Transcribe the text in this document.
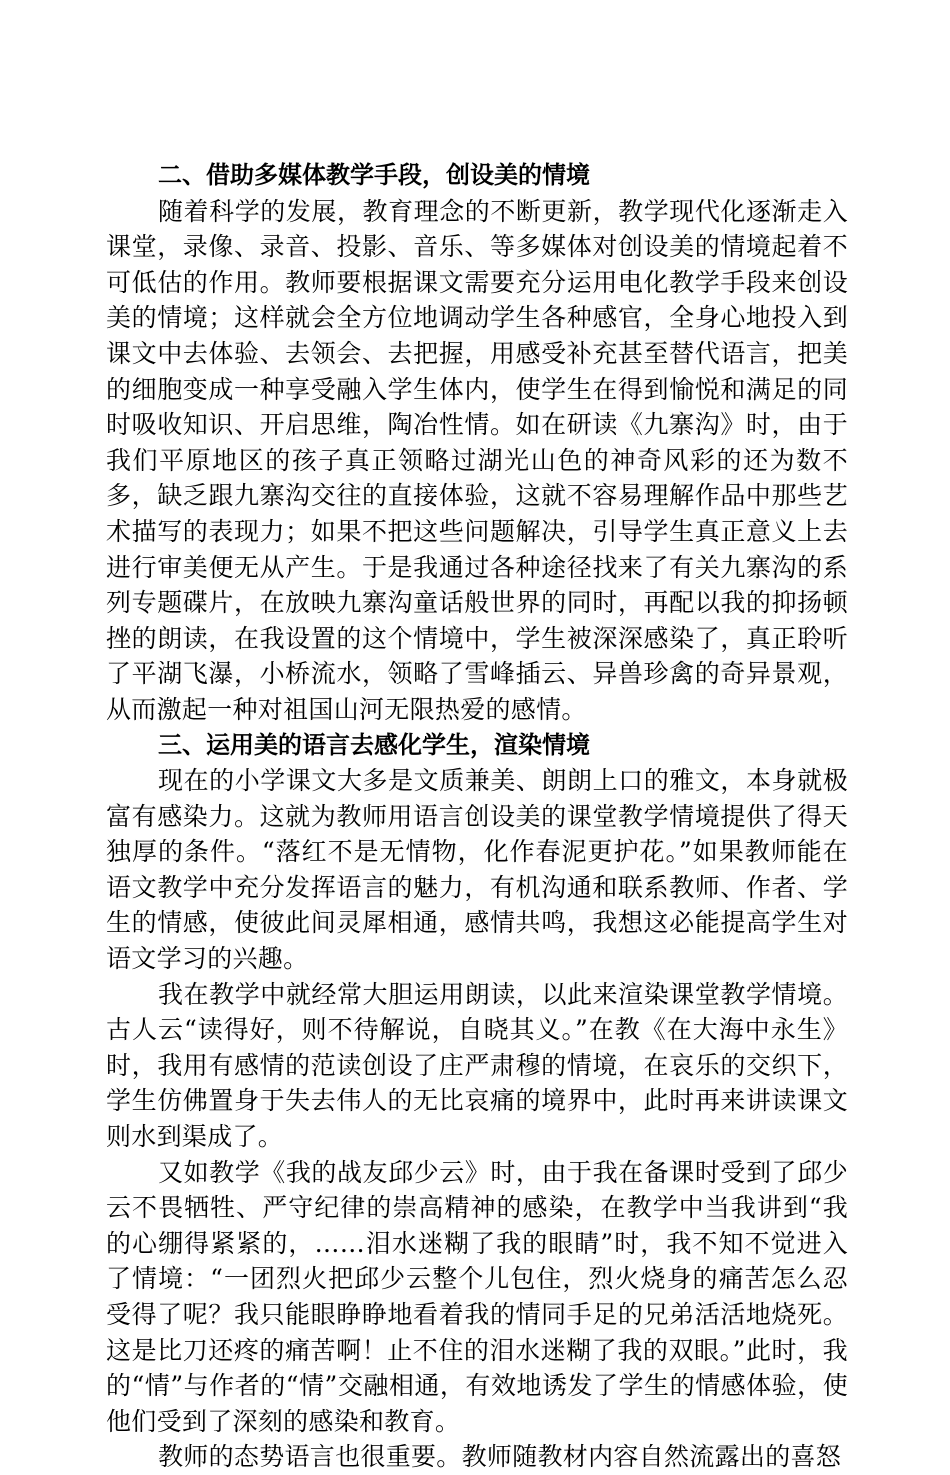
二、借助多媒体教学手段，创设美的情境

随着科学的发展，教育理念的不断更新，教学现代化逐渐走入课堂，录像、录音、投影、音乐、等多媒体对创设美的情境起着不可低估的作用。教师要根据课文需要充分运用电化教学手段来创设美的情境；这样就会全方位地调动学生各种感官，全身心地投入到课文中去体验、去领会、去把握，用感受补充甚至替代语言，把美的细胞变成一种享受融入学生体内，使学生在得到愉悦和满足的同时吸收知识、开启思维，陶冶性情。如在研读《九寨沟》时，由于我们平原地区的孩子真正领略过湖光山色的神奇风彩的还为数不多，缺乏跟九寨沟交往的直接体验，这就不容易理解作品中那些艺术描写的表现力；如果不把这些问题解决，引导学生真正意义上去进行审美便无从产生。于是我通过各种途径找来了有关九寨沟的系列专题碟片，在放映九寨沟童话般世界的同时，再配以我的抑扬顿挫的朗读，在我设置的这个情境中，学生被深深感染了，真正聆听了平湖飞瀑，小桥流水，领略了雪峰插云、异兽珍禽的奇异景观，从而激起一种对祖国山河无限热爱的感情。

三、运用美的语言去感化学生，渲染情境

现在的小学课文大多是文质兼美、朗朗上口的雅文，本身就极富有感染力。这就为教师用语言创设美的课堂教学情境提供了得天独厚的条件。“落红不是无情物，化作春泥更护花。”如果教师能在语文教学中充分发挥语言的魅力，有机沟通和联系教师、作者、学生的情感，使彼此间灵犀相通，感情共鸣，我想这必能提高学生对语文学习的兴趣。

我在教学中就经常大胆运用朗读，以此来渲染课堂教学情境。古人云“读得好，则不待解说，自晓其义。”在教《在大海中永生》时，我用有感情的范读创设了庄严肃穆的情境，在哀乐的交织下，学生仿佛置身于失去伟人的无比哀痛的境界中，此时再来讲读课文则水到渠成了。

又如教学《我的战友邱少云》时，由于我在备课时受到了邱少云不畏牺牲、严守纪律的崇高精神的感染，在教学中当我讲到“我的心绷得紧紧的，……泪水迷糊了我的眼睛”时，我不知不觉进入了情境：“一团烈火把邱少云整个儿包住，烈火烧身的痛苦怎么忍受得了呢？我只能眼睁睁地看着我的情同手足的兄弟活活地烧死。这是比刀还疼的痛苦啊！止不住的泪水迷糊了我的双眼。”此时，我的“情”与作者的“情”交融相通，有效地诱发了学生的情感体验，使他们受到了深刻的感染和教育。

教师的态势语言也很重要。教师随教材内容自然流露出的喜怒
